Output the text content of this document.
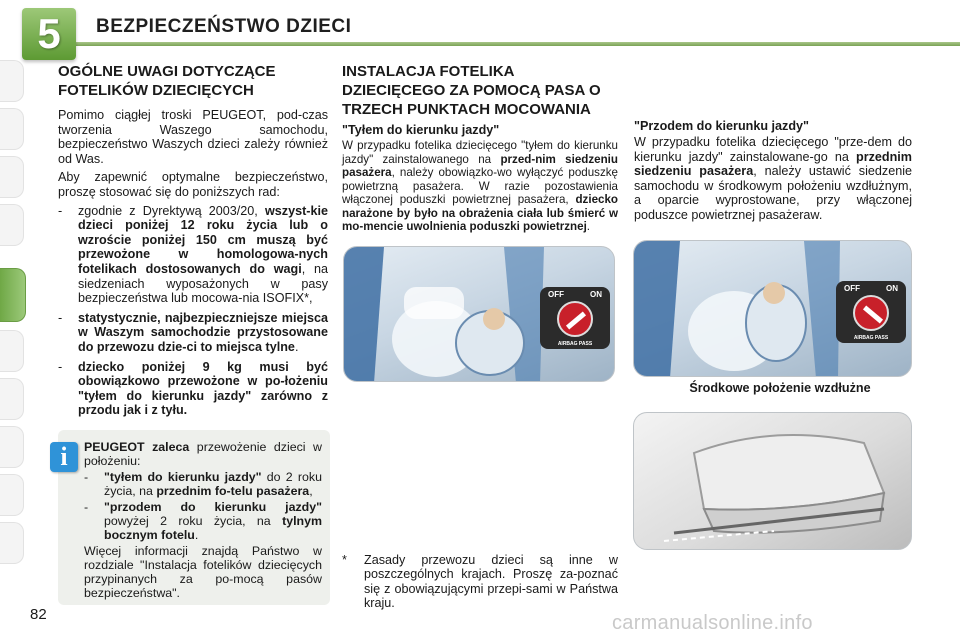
5	BEZPIECZEŃSTWO DZIECI
OGÓLNE UWAGI DOTYCZĄCE FOTELIKÓW DZIECIĘCYCH

Pomimo ciągłej troski PEUGEOT, pod-czas tworzenia Waszego samochodu, bezpieczeństwo Waszych dzieci zależy również od Was.

Aby zapewnić optymalne bezpieczeństwo, proszę stosować się do poniższych rad:

-	zgodnie z Dyrektywą 2003/20, wszyst-kie dzieci poniżej 12 roku życia lub o wzroście poniżej 150 cm muszą być przewożone w homologowa-nych fotelikach dostosowanych do wagi, na siedzeniach wyposażonych w pasy bezpieczeństwa lub mocowa-nia ISOFIX*,
-	statystycznie, najbezpieczniejsze miejsca w Waszym samochodzie przystosowane do przewozu dzie-ci to miejsca tylne.
-	dziecko poniżej 9 kg musi być obowiązkowo przewożone w po-łożeniu "tyłem do kierunku jazdy" zarówno z przodu jak i z tyłu.
PEUGEOT zaleca przewożenie dzieci w położeniu:
-	"tyłem do kierunku jazdy" do 2 roku życia, na przednim fo-telu pasażera,
-	"przodem do kierunku jazdy" powyżej 2 roku życia, na tylnym bocznym fotelu.
Więcej informacji znajdą Państwo w rozdziale "Instalacja fotelików dziecięcych przypinanych za po-mocą pasów bezpieczeństwa".
i
INSTALACJA FOTELIKA DZIECIĘCEGO ZA POMOCĄ PASA O TRZECH PUNKTACH MOCOWANIA
"Tyłem do kierunku jazdy"

W przypadku fotelika dziecięcego "tyłem do kierunku jazdy" zainstalowanego na przed-nim siedzeniu pasażera, należy obowiązko-wo wyłączyć poduszkę powietrzną pasażera. W razie pozostawienia włączonej poduszki powietrznej pasażera, dziecko narażone by było na obrażenia ciała lub śmierć w mo-mencie uwolnienia poduszki powietrznej.

"Przodem do kierunku jazdy"

W przypadku fotelika dziecięcego "prze-dem do kierunku jazdy" zainstalowane-go na przednim siedzeniu pasażera, należy ustawić siedzenie samochodu w środkowym położeniu wzdłużnym, a oparcie wyprostowane, przy włączonej poduszce powietrznej pasażeraw.

OFF	ON
AIRBAG PASS
OFF	ON
AIRBAG PASS
Środkowe położenie wzdłużne
*	Zasady przewozu dzieci są inne w poszczególnych krajach. Proszę za-poznać się z obowiązującymi przepi-sami w Państwa kraju.
82	carmanualsonline.info
